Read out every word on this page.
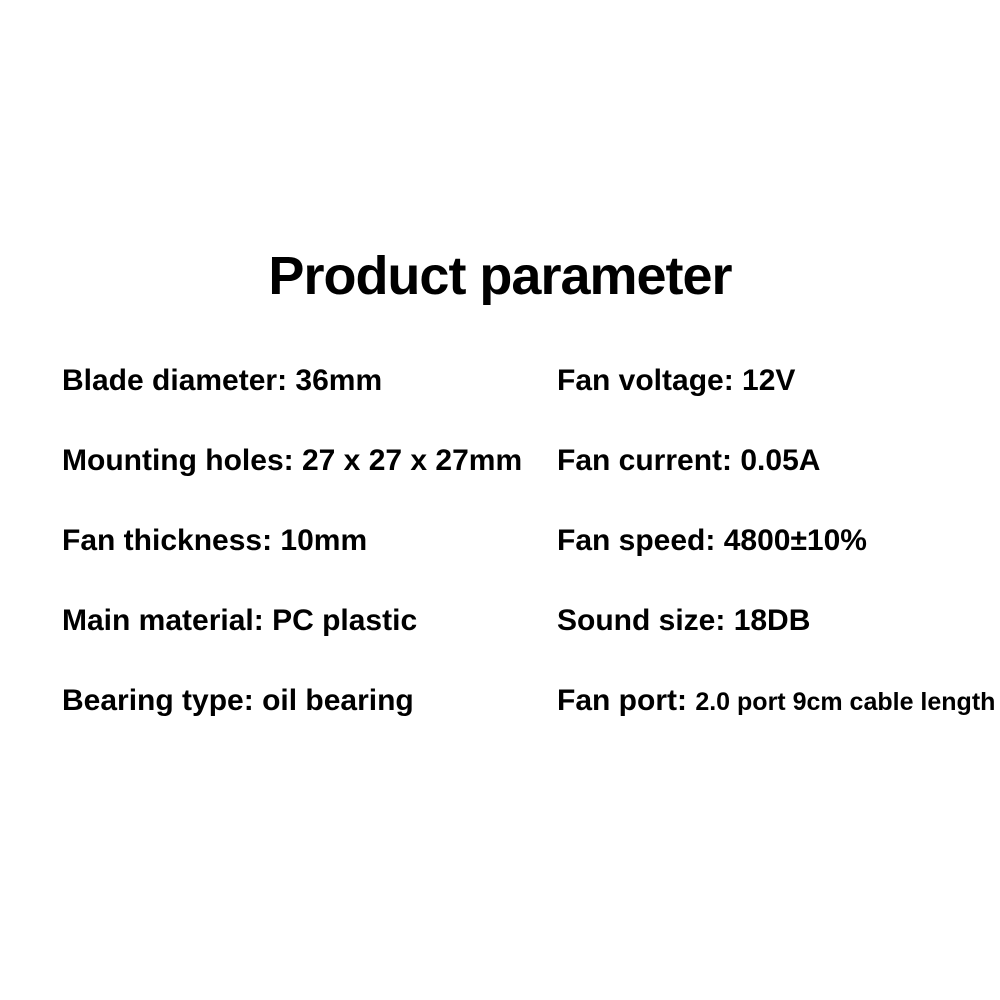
Product parameter
Blade diameter: 36mm
Mounting holes: 27 x 27 x 27mm
Fan thickness: 10mm
Main material: PC plastic
Bearing type: oil bearing
Fan voltage: 12V
Fan current: 0.05A
Fan speed: 4800±10%
Sound size: 18DB
Fan port: 2.0 port 9cm cable length
